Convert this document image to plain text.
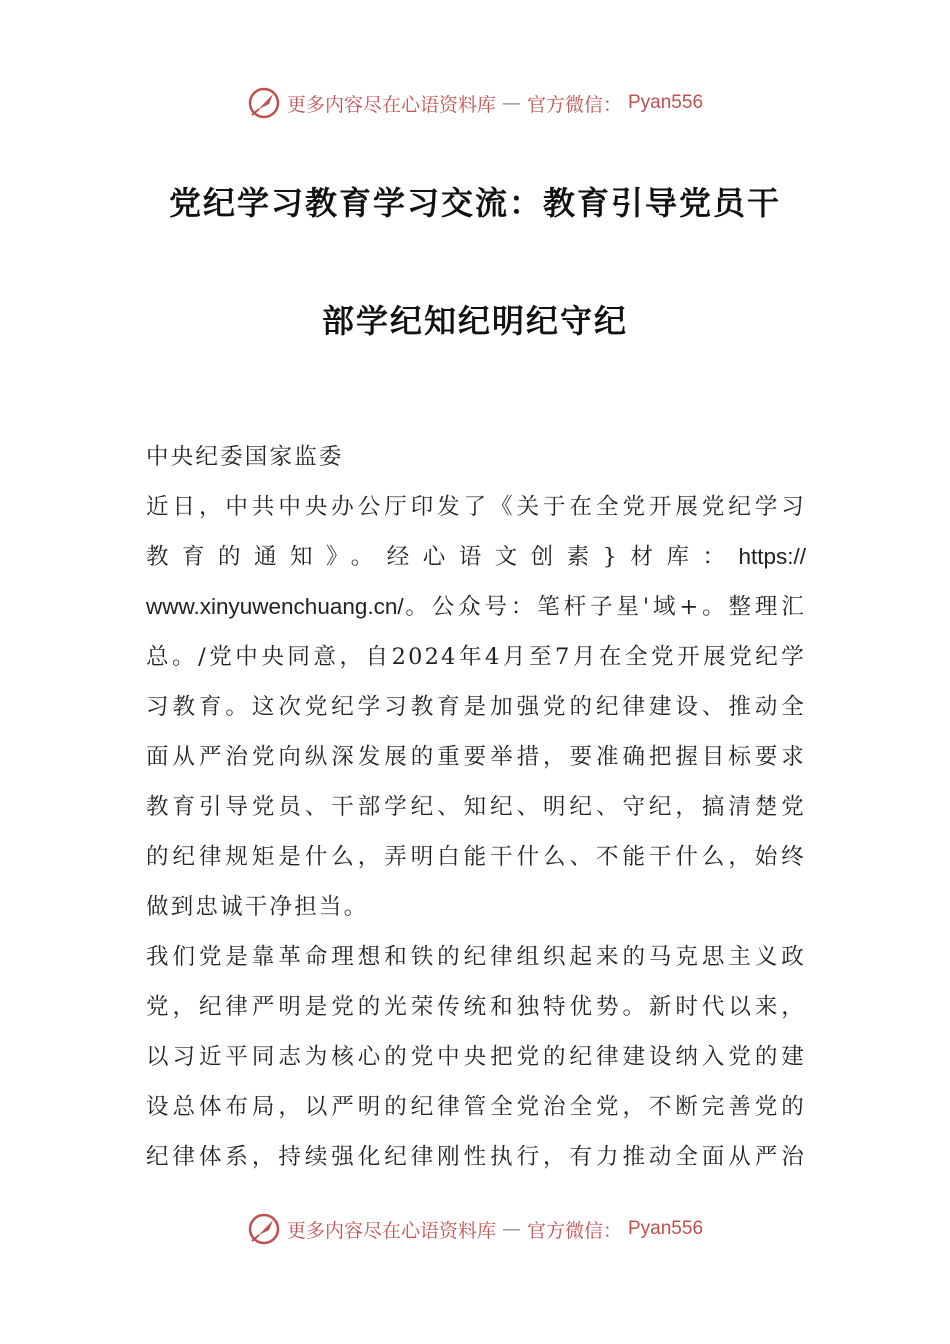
更多内容尽在心语资料库 — 官方微信： Pyan556
党纪学习教育学习交流：教育引导党员干
部学纪知纪明纪守纪

中央纪委国家监委

近日，中共中央办公厅印发了《关于在全党开展党纪学习

教育的通知》。经心语文创素}材库：https://

www.xinyuwenchuang.cn/。公众号：笔杆子星'域+。整理汇

总。/党中央同意，自2024年4月至7月在全党开展党纪学

习教育。这次党纪学习教育是加强党的纪律建设、推动全

面从严治党向纵深发展的重要举措，要准确把握目标要求

教育引导党员、干部学纪、知纪、明纪、守纪，搞清楚党

的纪律规矩是什么，弄明白能干什么、不能干什么，始终

做到忠诚干净担当。

我们党是靠革命理想和铁的纪律组织起来的马克思主义政

党，纪律严明是党的光荣传统和独特优势。新时代以来，

以习近平同志为核心的党中央把党的纪律建设纳入党的建

设总体布局，以严明的纪律管全党治全党，不断完善党的

纪律体系，持续强化纪律刚性执行，有力推动全面从严治

更多内容尽在心语资料库 — 官方微信： Pyan556
